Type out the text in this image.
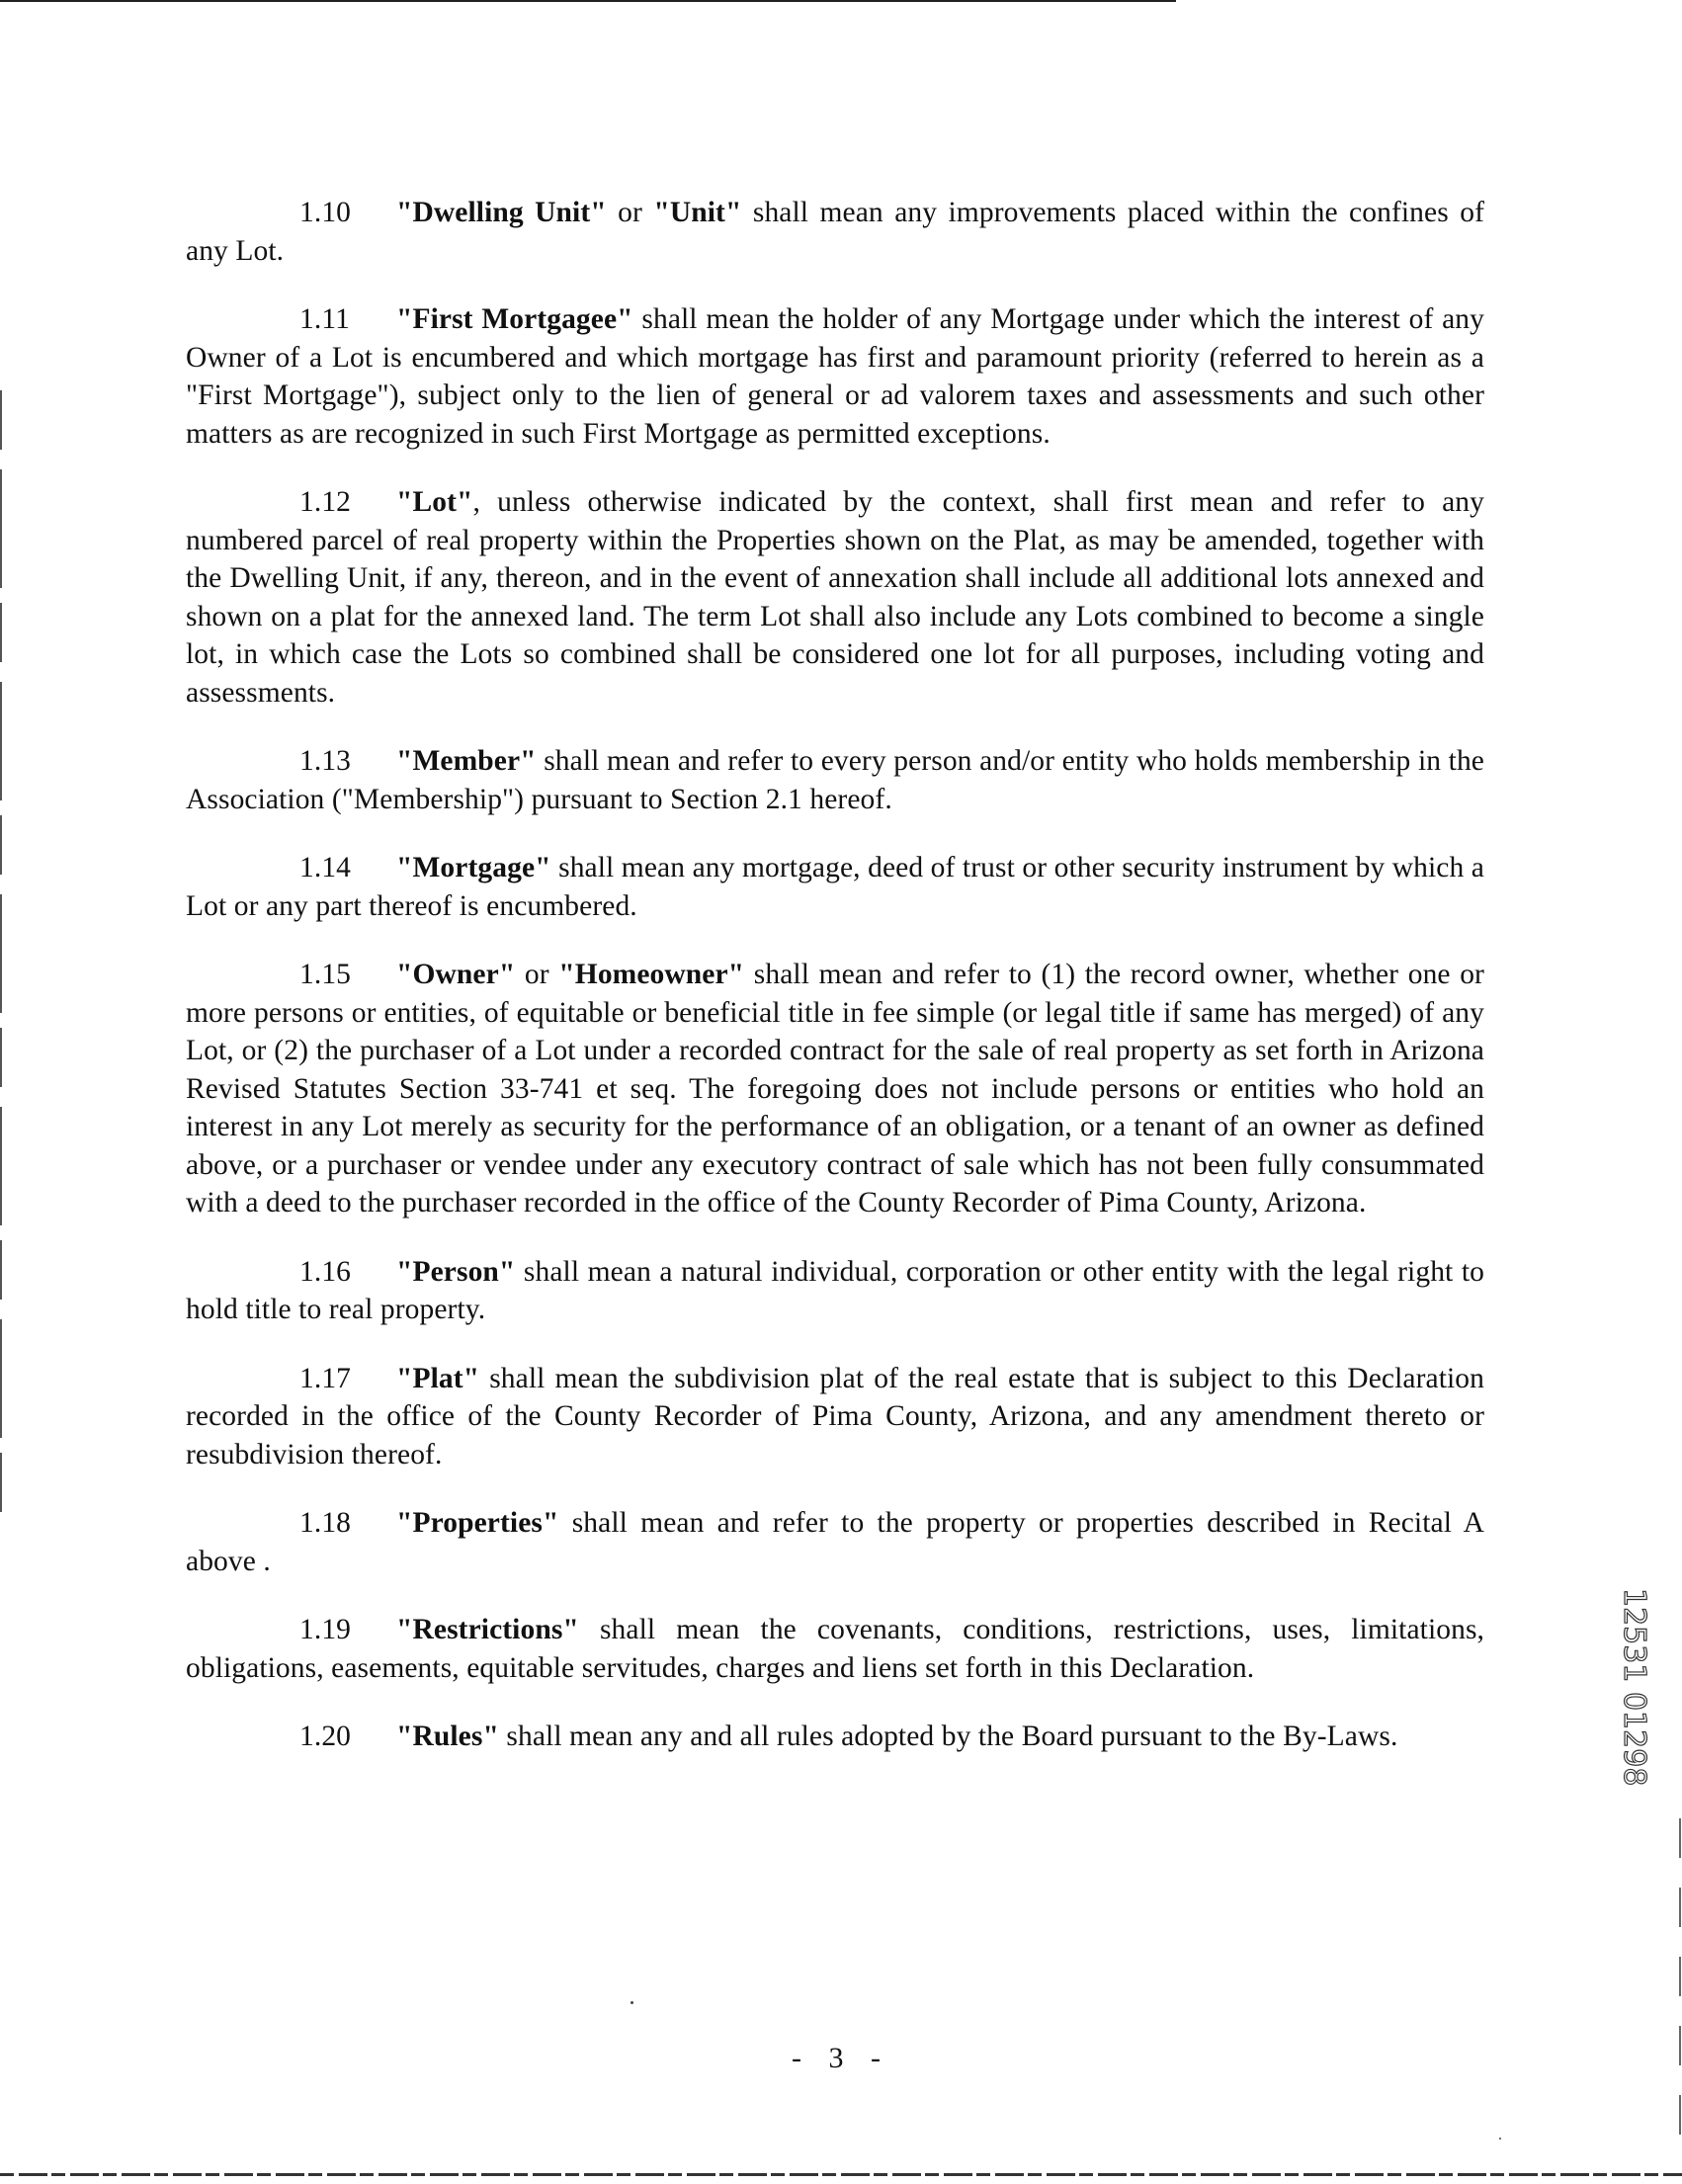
1.10 "Dwelling Unit" or "Unit" shall mean any improvements placed within the confines of any Lot.

1.11 "First Mortgagee" shall mean the holder of any Mortgage under which the interest of any Owner of a Lot is encumbered and which mortgage has first and paramount priority (referred to herein as a "First Mortgage"), subject only to the lien of general or ad valorem taxes and assessments and such other matters as are recognized in such First Mortgage as permitted exceptions.

1.12 "Lot", unless otherwise indicated by the context, shall first mean and refer to any numbered parcel of real property within the Properties shown on the Plat, as may be amended, together with the Dwelling Unit, if any, thereon, and in the event of annexation shall include all additional lots annexed and shown on a plat for the annexed land. The term Lot shall also include any Lots combined to become a single lot, in which case the Lots so combined shall be considered one lot for all purposes, including voting and assessments.

1.13 "Member" shall mean and refer to every person and/or entity who holds membership in the Association ("Membership") pursuant to Section 2.1 hereof.

1.14 "Mortgage" shall mean any mortgage, deed of trust or other security instrument by which a Lot or any part thereof is encumbered.

1.15 "Owner" or "Homeowner" shall mean and refer to (1) the record owner, whether one or more persons or entities, of equitable or beneficial title in fee simple (or legal title if same has merged) of any Lot, or (2) the purchaser of a Lot under a recorded contract for the sale of real property as set forth in Arizona Revised Statutes Section 33-741 et seq. The foregoing does not include persons or entities who hold an interest in any Lot merely as security for the performance of an obligation, or a tenant of an owner as defined above, or a purchaser or vendee under any executory contract of sale which has not been fully consummated with a deed to the purchaser recorded in the office of the County Recorder of Pima County, Arizona.

1.16 "Person" shall mean a natural individual, corporation or other entity with the legal right to hold title to real property.

1.17 "Plat" shall mean the subdivision plat of the real estate that is subject to this Declaration recorded in the office of the County Recorder of Pima County, Arizona, and any amendment thereto or resubdivision thereof.

1.18 "Properties" shall mean and refer to the property or properties described in Recital A above .

1.19 "Restrictions" shall mean the covenants, conditions, restrictions, uses, limitations, obligations, easements, equitable servitudes, charges and liens set forth in this Declaration.

1.20 "Rules" shall mean any and all rules adopted by the Board pursuant to the By-Laws.

- 3 -
12531 01298
